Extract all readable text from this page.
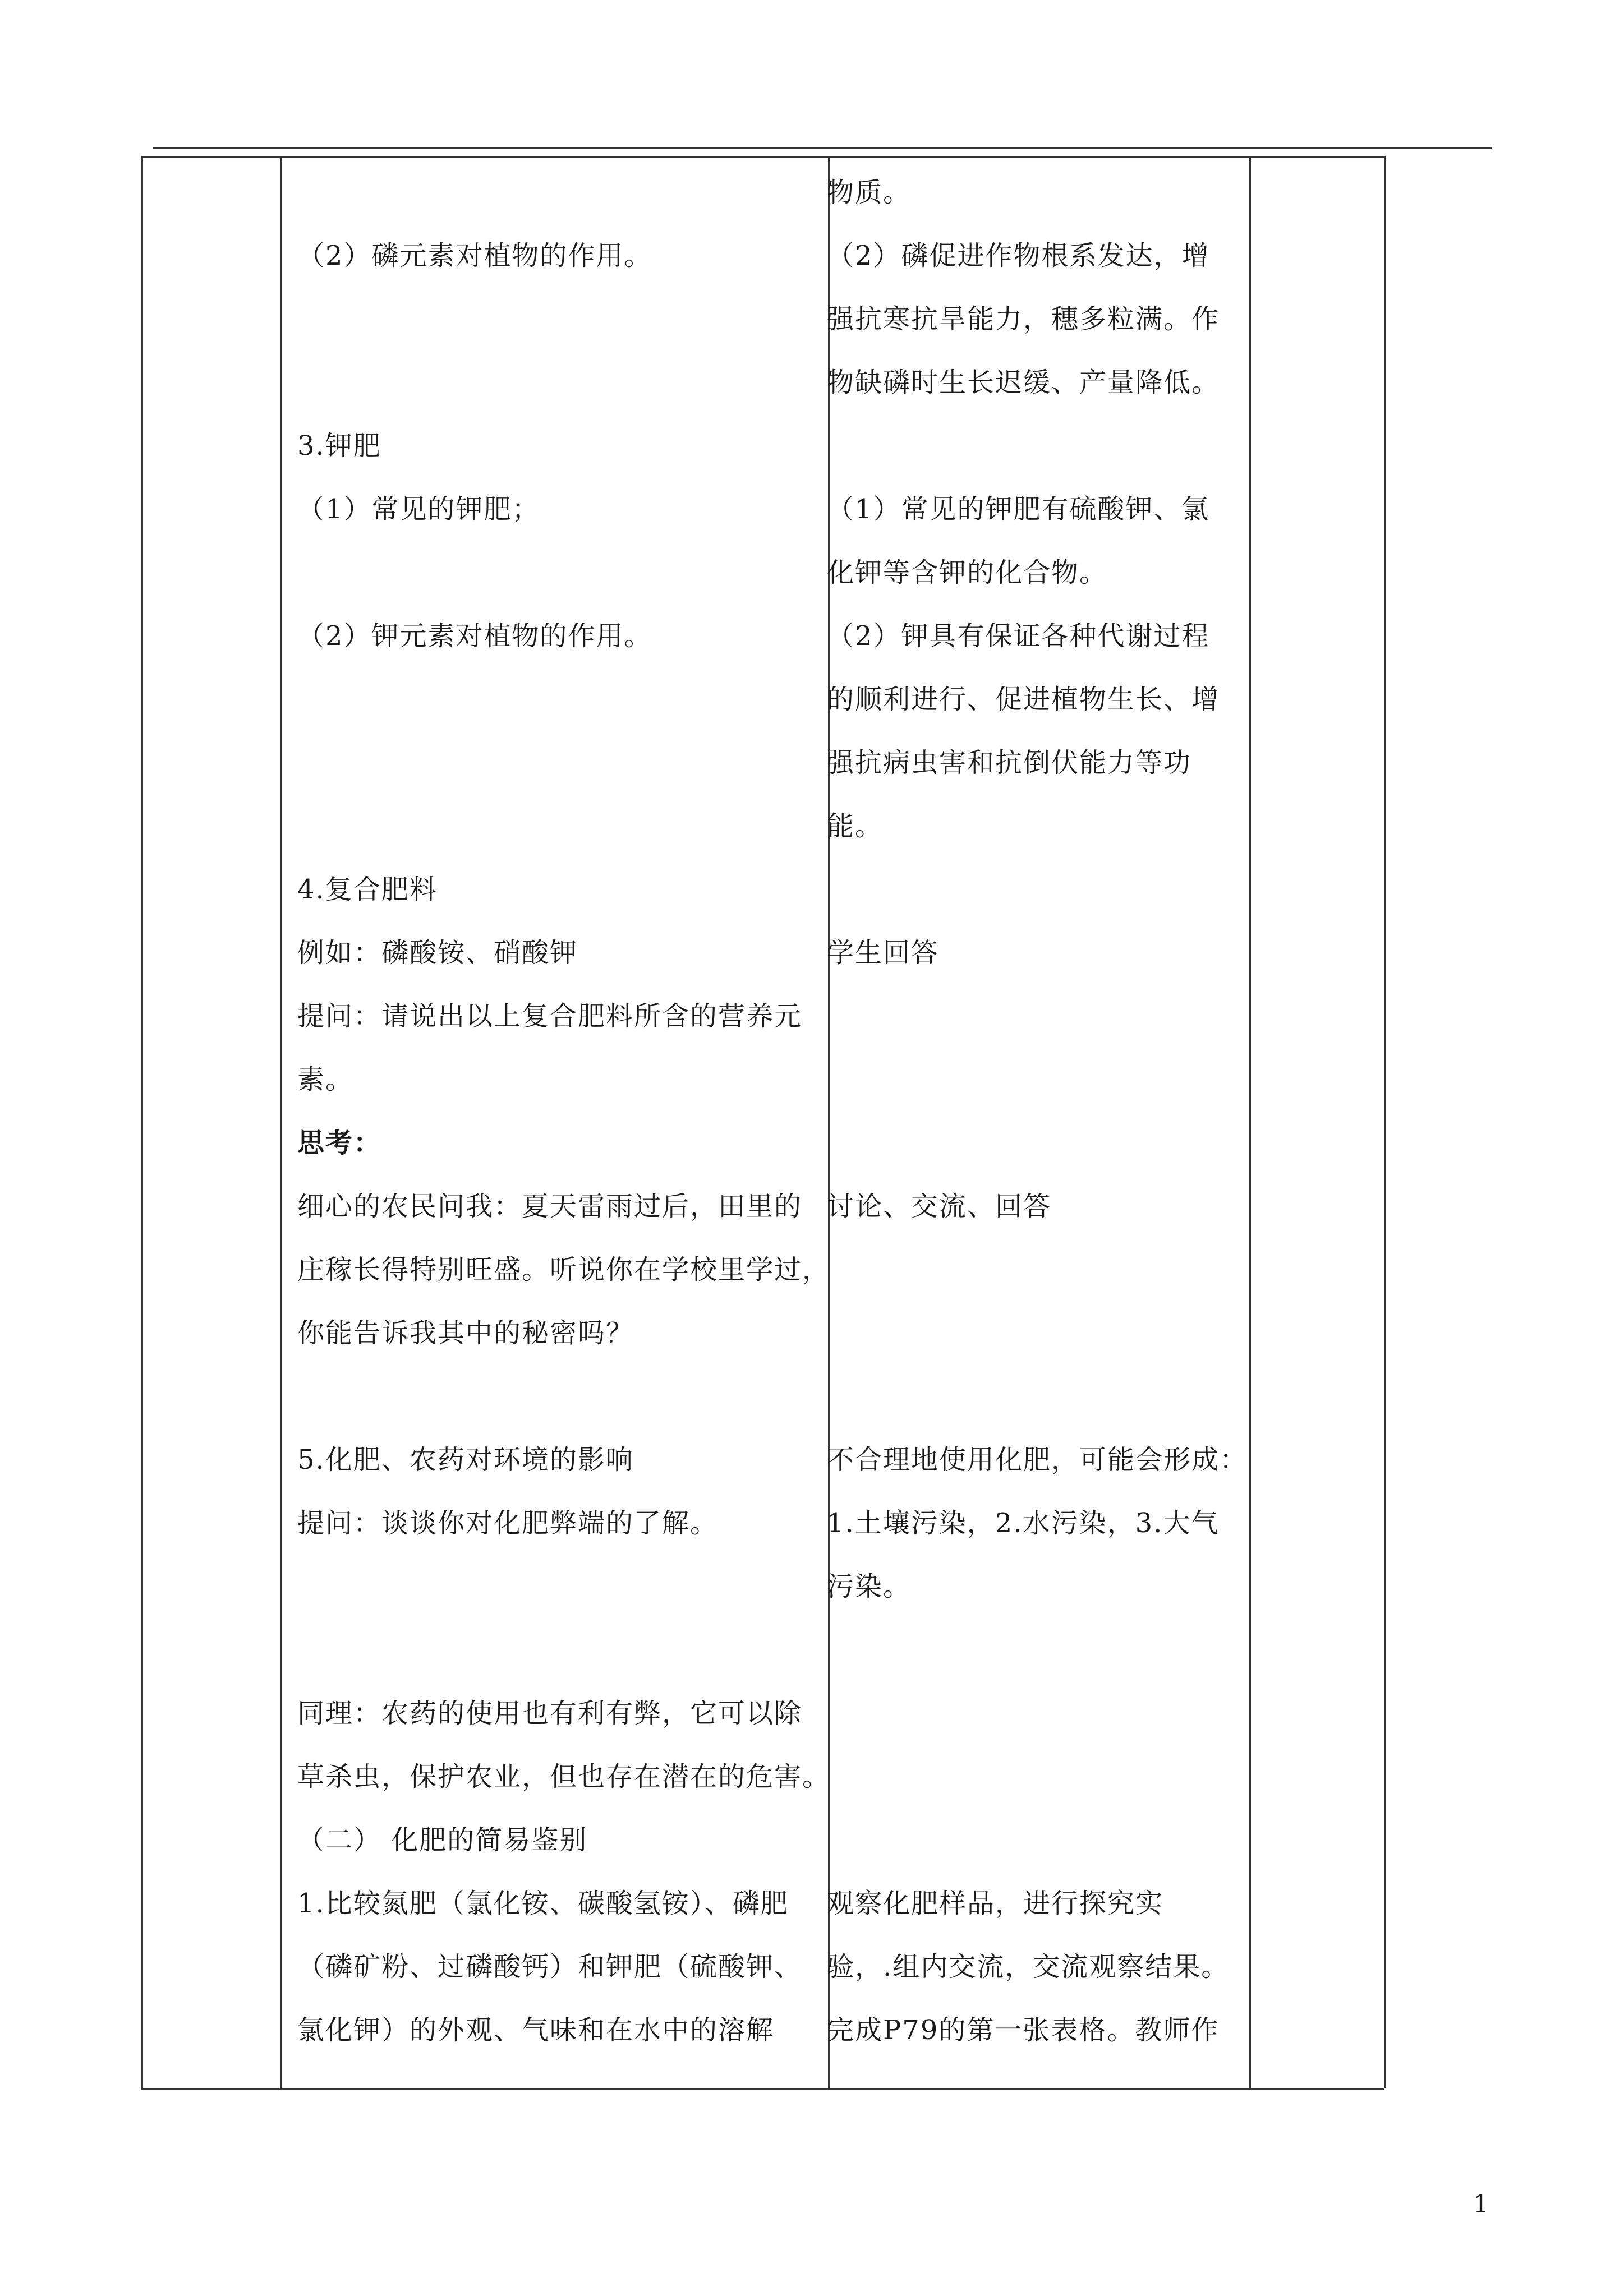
（2）磷元素对植物的作用。

3.钾肥

（1）常见的钾肥；

（2）钾元素对植物的作用。

4.复合肥料

例如：磷酸铵、硝酸钾

提问：请说出以上复合肥料所含的营养元

素。

思考：

细心的农民问我：夏天雷雨过后，田里的

庄稼长得特别旺盛。听说你在学校里学过，

你能告诉我其中的秘密吗？

5.化肥、农药对环境的影响

提问：谈谈你对化肥弊端的了解。

同理：农药的使用也有利有弊，它可以除

草杀虫，保护农业，但也存在潜在的危害。

（二） 化肥的简易鉴别

1.比较氮肥（氯化铵、碳酸氢铵）、磷肥

（磷矿粉、过磷酸钙）和钾肥（硫酸钾、

氯化钾）的外观、气味和在水中的溶解

物质。

（2）磷促进作物根系发达，增

强抗寒抗旱能力，穗多粒满。作

物缺磷时生长迟缓、产量降低。

（1）常见的钾肥有硫酸钾、氯

化钾等含钾的化合物。

（2）钾具有保证各种代谢过程

的顺利进行、促进植物生长、增

强抗病虫害和抗倒伏能力等功

能。

学生回答

讨论、交流、回答

不合理地使用化肥，可能会形成：

1.土壤污染，2.水污染，3.大气

污染。

观察化肥样品，进行探究实

验，.组内交流，交流观察结果。

完成P79的第一张表格。教师作

1
